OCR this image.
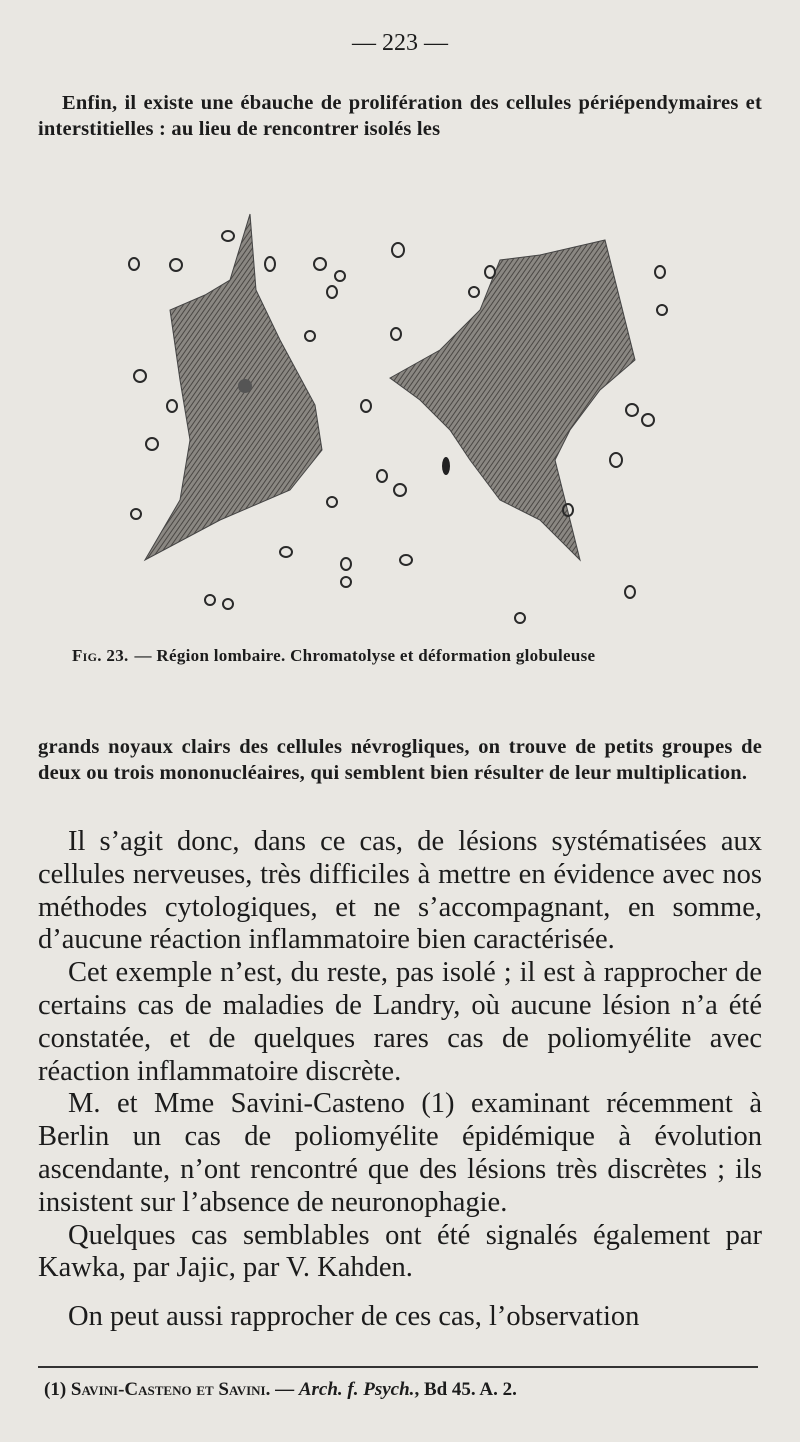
— 223 —
Enfin, il existe une ébauche de prolifération des cellules périépendymaires et interstitielles : au lieu de rencontrer isolés les
Fig. 23. — Région lombaire. Chromatolyse et déformation globuleuse
grands noyaux clairs des cellules névrogliques, on trouve de petits groupes de deux ou trois mononucléaires, qui semblent bien résulter de leur multiplication.

Il s’agit donc, dans ce cas, de lésions systématisées aux cellules nerveuses, très difficiles à mettre en évidence avec nos méthodes cytologiques, et ne s’accompagnant, en somme, d’aucune réaction inflammatoire bien caractérisée.

Cet exemple n’est, du reste, pas isolé ; il est à rapprocher de certains cas de maladies de Landry, où aucune lésion n’a été constatée, et de quelques rares cas de poliomyélite avec réaction inflammatoire discrète.

M. et Mme Savini-Casteno (1) examinant récemment à Berlin un cas de poliomyélite épidémique à évolution ascendante, n’ont rencontré que des lésions très discrètes ; ils insistent sur l’absence de neuronophagie.

Quelques cas semblables ont été signalés également par Kawka, par Jajic, par V. Kahden.

On peut aussi rapprocher de ces cas, l’observation

(1) Savini-Casteno et Savini. — Arch. f. Psych., Bd 45. A. 2.
